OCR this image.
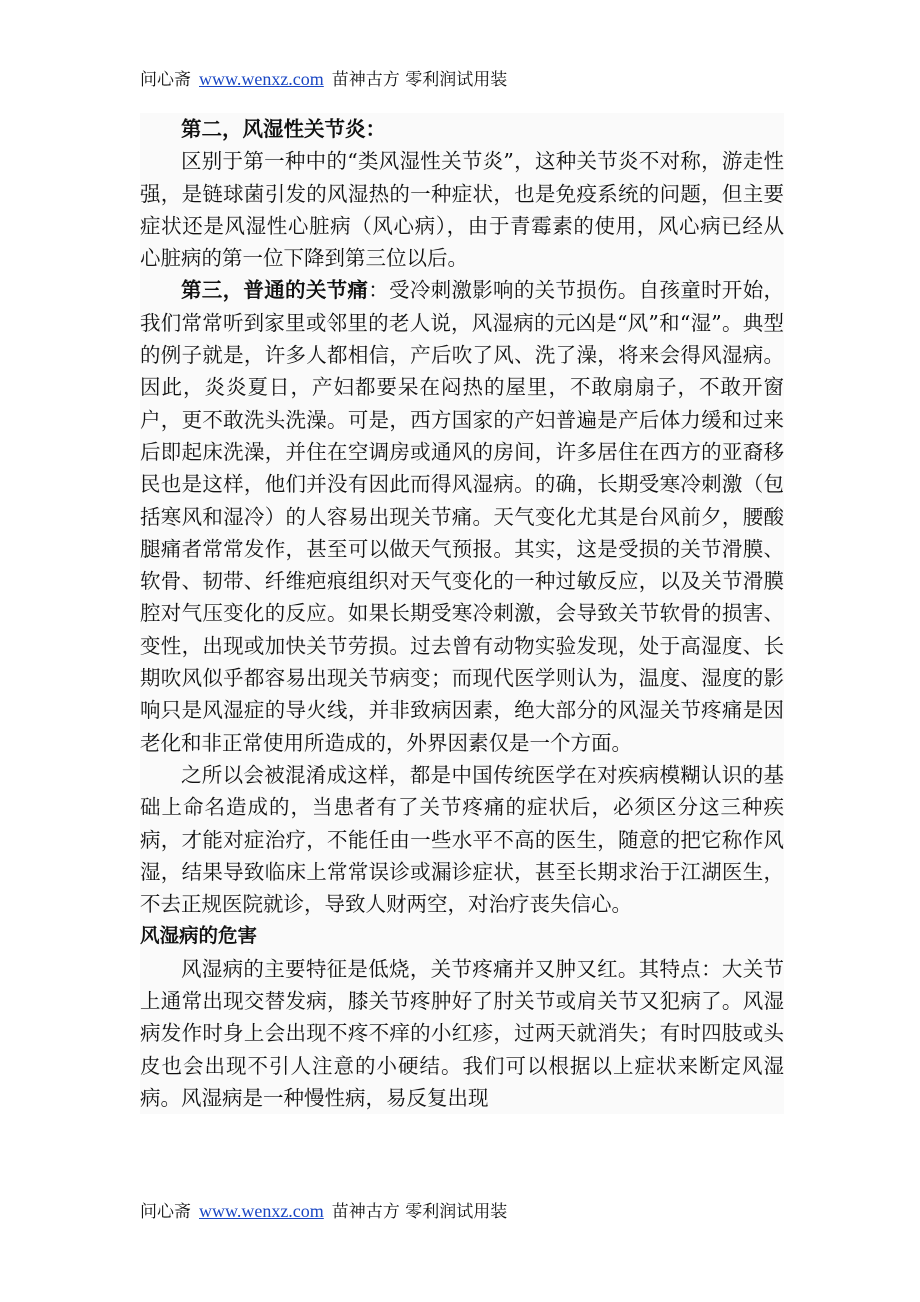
问心斋 www.wenxz.com 苗神古方 零利润试用装

第二，风湿性关节炎：

区别于第一种中的“类风湿性关节炎”，这种关节炎不对称，游走性强，是链球菌引发的风湿热的一种症状，也是免疫系统的问题，但主要症状还是风湿性心脏病（风心病），由于青霉素的使用，风心病已经从心脏病的第一位下降到第三位以后。

第三，普通的关节痛：受冷刺激影响的关节损伤。自孩童时开始，我们常常听到家里或邻里的老人说，风湿病的元凶是“风”和“湿”。典型的例子就是，许多人都相信，产后吹了风、洗了澡，将来会得风湿病。因此，炎炎夏日，产妇都要呆在闷热的屋里，不敢扇扇子，不敢开窗户，更不敢洗头洗澡。可是，西方国家的产妇普遍是产后体力缓和过来后即起床洗澡，并住在空调房或通风的房间，许多居住在西方的亚裔移民也是这样，他们并没有因此而得风湿病。的确，长期受寒冷刺激（包括寒风和湿冷）的人容易出现关节痛。天气变化尤其是台风前夕，腰酸腿痛者常常发作，甚至可以做天气预报。其实，这是受损的关节滑膜、软骨、韧带、纤维疤痕组织对天气变化的一种过敏反应，以及关节滑膜腔对气压变化的反应。如果长期受寒冷刺激，会导致关节软骨的损害、变性，出现或加快关节劳损。过去曾有动物实验发现，处于高湿度、长期吹风似乎都容易出现关节病变；而现代医学则认为，温度、湿度的影响只是风湿症的导火线，并非致病因素，绝大部分的风湿关节疼痛是因老化和非正常使用所造成的，外界因素仅是一个方面。

之所以会被混淆成这样，都是中国传统医学在对疾病模糊认识的基础上命名造成的，当患者有了关节疼痛的症状后，必须区分这三种疾病，才能对症治疗，不能任由一些水平不高的医生，随意的把它称作风湿，结果导致临床上常常误诊或漏诊症状，甚至长期求治于江湖医生，不去正规医院就诊，导致人财两空，对治疗丧失信心。

风湿病的危害

风湿病的主要特征是低烧，关节疼痛并又肿又红。其特点：大关节上通常出现交替发病，膝关节疼肿好了肘关节或肩关节又犯病了。风湿病发作时身上会出现不疼不痒的小红疹，过两天就消失；有时四肢或头皮也会出现不引人注意的小硬结。我们可以根据以上症状来断定风湿病。风湿病是一种慢性病，易反复出现

问心斋 www.wenxz.com 苗神古方 零利润试用装
